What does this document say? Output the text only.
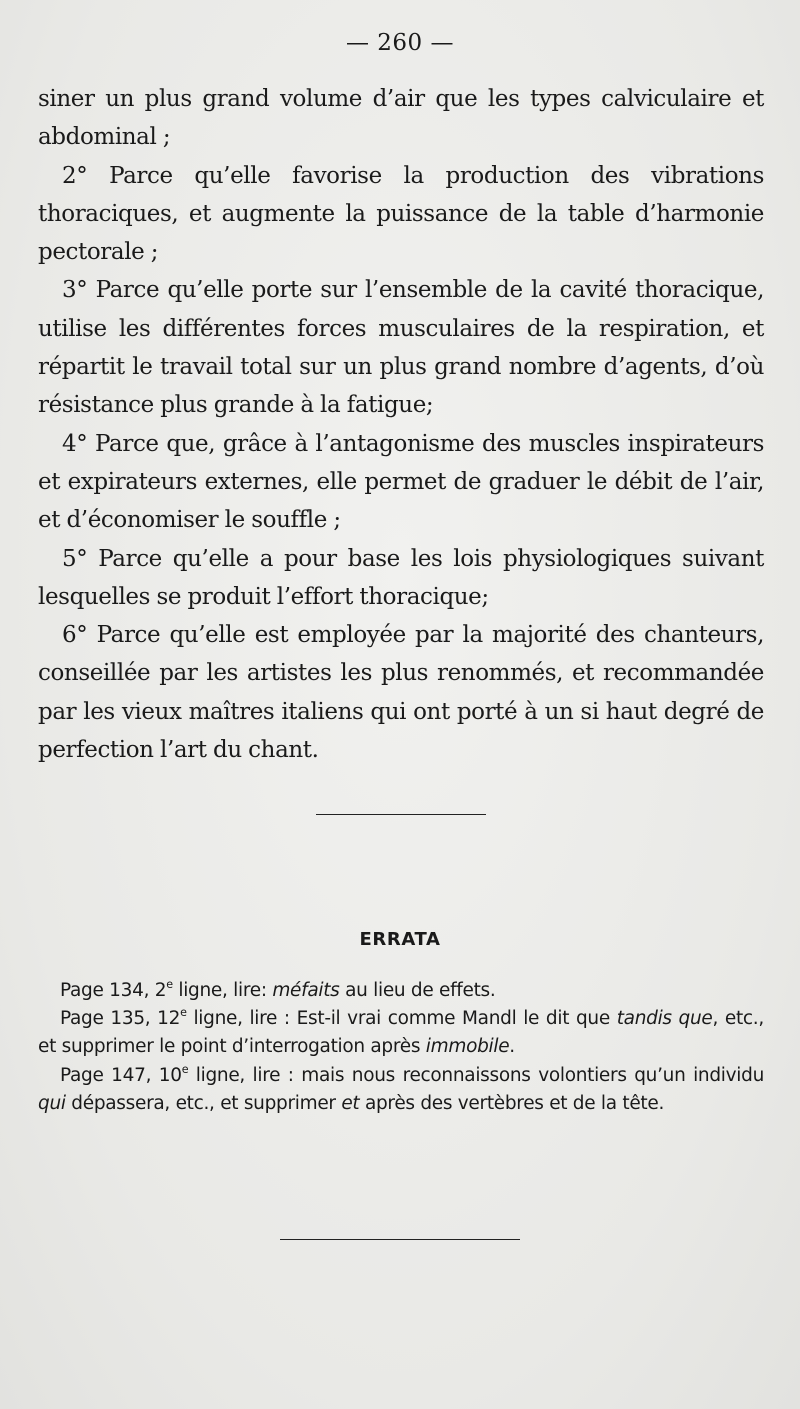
— 260 —

siner un plus grand volume d’air que les types calviculaire et abdominal ;

2° Parce qu’elle favorise la production des vibrations thoraciques, et augmente la puissance de la table d’harmonie pectorale ;

3° Parce qu’elle porte sur l’ensemble de la cavité thoracique, utilise les différentes forces musculaires de la respiration, et répartit le travail total sur un plus grand nombre d’agents, d’où résistance plus grande à la fatigue;

4° Parce que, grâce à l’antagonisme des muscles inspirateurs et expirateurs externes, elle permet de graduer le débit de l’air, et d’économiser le souffle ;

5° Parce qu’elle a pour base les lois physiologiques suivant lesquelles se produit l’effort thoracique;

6° Parce qu’elle est employée par la majorité des chanteurs, conseillée par les artistes les plus renommés, et recommandée par les vieux maîtres italiens qui ont porté à un si haut degré de perfection l’art du chant.

ERRATA

Page 134, 2e ligne, lire: méfaits au lieu de effets.

Page 135, 12e ligne, lire : Est-il vrai comme Mandl le dit que tandis que, etc., et supprimer le point d’interrogation après immobile.

Page 147, 10e ligne, lire : mais nous reconnaissons volontiers qu’un individu qui dépassera, etc., et supprimer et après des vertèbres et de la tête.
